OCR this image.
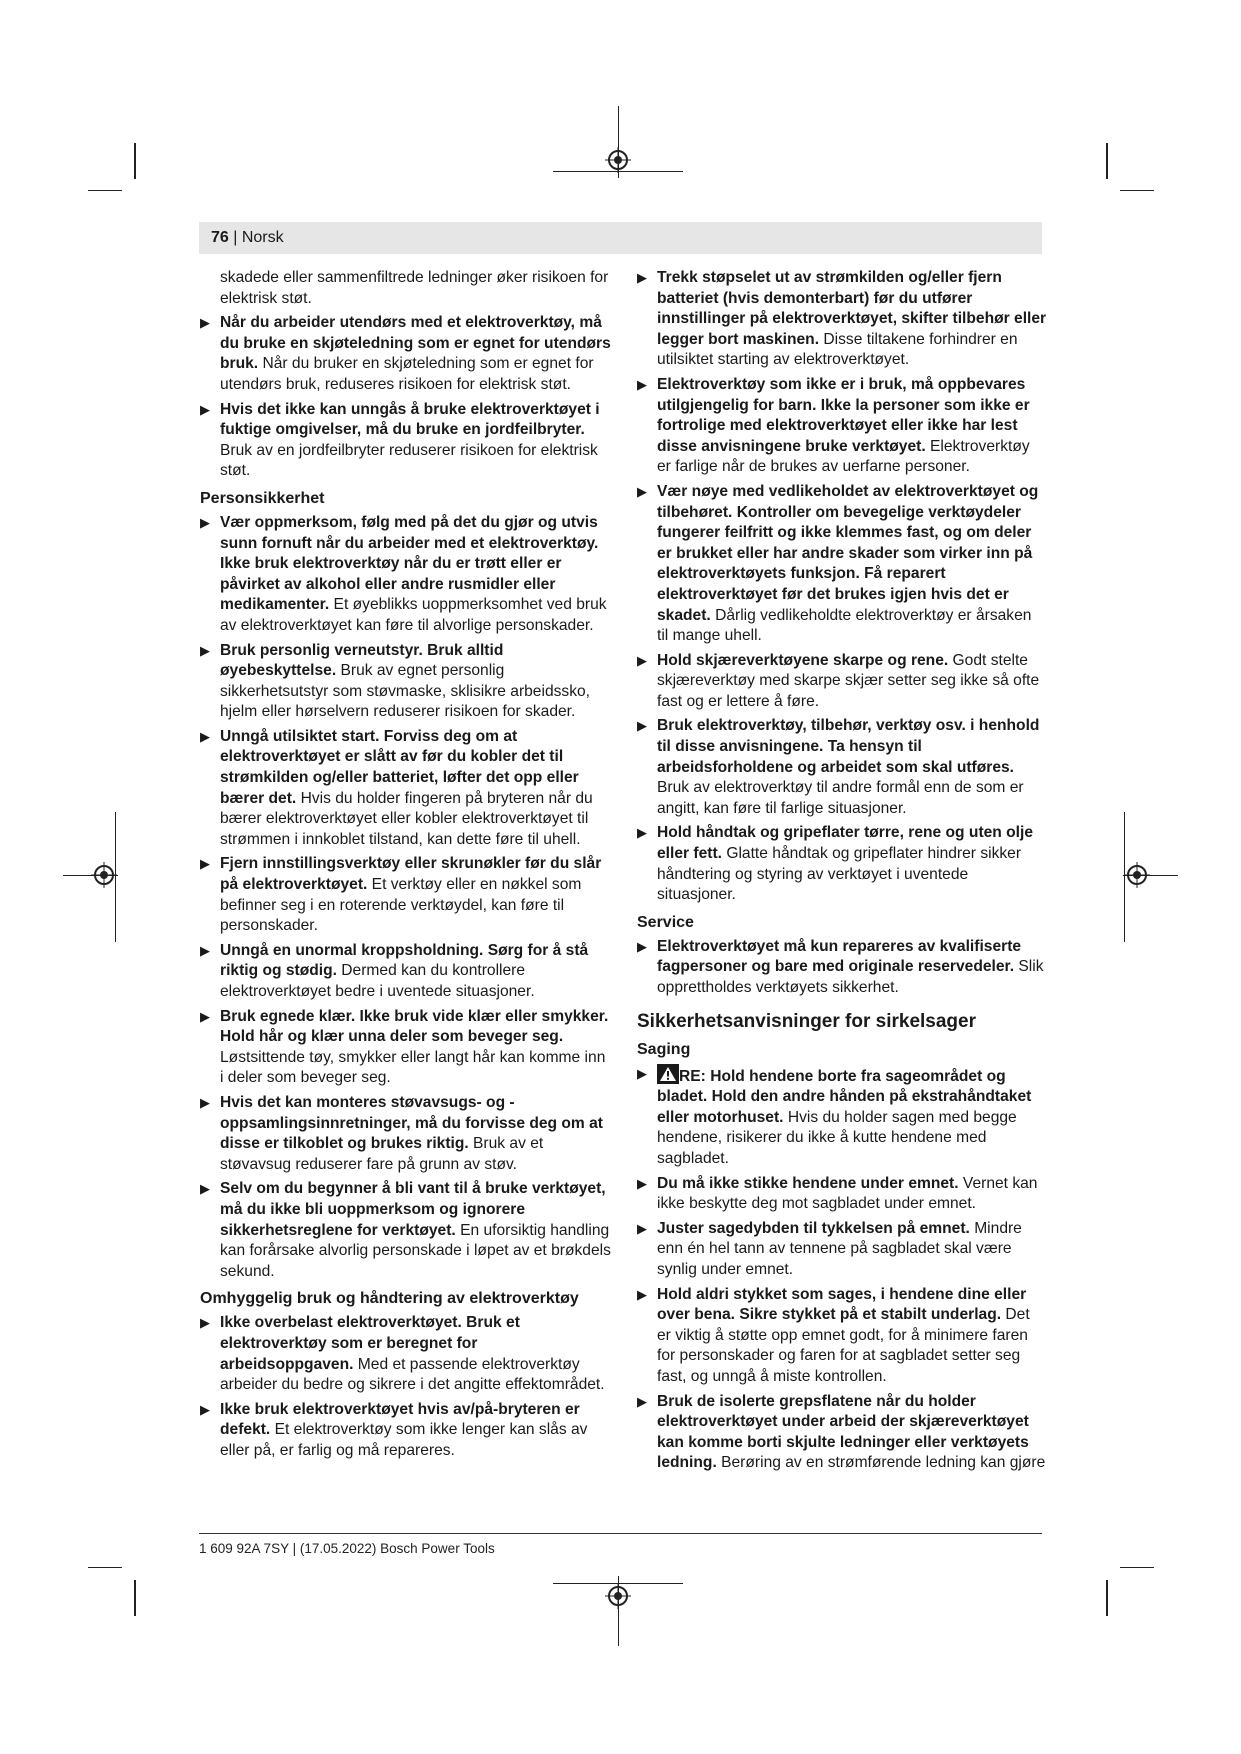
76 | Norsk
skadede eller sammenfiltrede ledninger øker risikoen for elektrisk støt.
▶ Når du arbeider utendørs med et elektroverktøy, må du bruke en skjøteledning som er egnet for utendørs bruk. Når du bruker en skjøteledning som er egnet for utendørs bruk, reduseres risikoen for elektrisk støt.
▶ Hvis det ikke kan unngås å bruke elektroverktøyet i fuktige omgivelser, må du bruke en jordfeilbryter. Bruk av en jordfeilbryter reduserer risikoen for elektrisk støt.
Personsikkerhet
▶ Vær oppmerksom, følg med på det du gjør og utvis sunn fornuft når du arbeider med et elektroverktøy. Ikke bruk elektroverktøy når du er trøtt eller er påvirket av alkohol eller andre rusmidler eller medikamenter. Et øyeblikks uoppmerksomhet ved bruk av elektroverktøyet kan føre til alvorlige personskader.
▶ Bruk personlig verneutstyr. Bruk alltid øyebeskyttelse. Bruk av egnet personlig sikkerhetsutstyr som støvmaske, sklisikre arbeidssko, hjelm eller hørselvern reduserer risikoen for skader.
▶ Unngå utilsiktet start. Forviss deg om at elektroverktøyet er slått av før du kobler det til strømkilden og/eller batteriet, løfter det opp eller bærer det. Hvis du holder fingeren på bryteren når du bærer elektroverktøyet eller kobler elektroverktøyet til strømmen i innkoblet tilstand, kan dette føre til uhell.
▶ Fjern innstillingsverktøy eller skrunøkler før du slår på elektroverktøyet. Et verktøy eller en nøkkel som befinner seg i en roterende verktøydel, kan føre til personskader.
▶ Unngå en unormal kroppsholdning. Sørg for å stå riktig og stødig. Dermed kan du kontrollere elektroverktøyet bedre i uventede situasjoner.
▶ Bruk egnede klær. Ikke bruk vide klær eller smykker. Hold hår og klær unna deler som beveger seg. Løstsittende tøy, smykker eller langt hår kan komme inn i deler som beveger seg.
▶ Hvis det kan monteres støvavsugs- og -oppsamlingsinnretninger, må du forvisse deg om at disse er tilkoblet og brukes riktig. Bruk av et støvavsug reduserer fare på grunn av støv.
▶ Selv om du begynner å bli vant til å bruke verktøyet, må du ikke bli uoppmerksom og ignorere sikkerhetsreglene for verktøyet. En uforsiktig handling kan forårsake alvorlig personskade i løpet av et brøkdels sekund.
Omhyggelig bruk og håndtering av elektroverktøy
▶ Ikke overbelast elektroverktøyet. Bruk et elektroverktøy som er beregnet for arbeidsoppgaven. Med et passende elektroverktøy arbeider du bedre og sikrere i det angitte effektområdet.
▶ Ikke bruk elektroverktøyet hvis av/på-bryteren er defekt. Et elektroverktøy som ikke lenger kan slås av eller på, er farlig og må repareres.
▶ Trekk støpselet ut av strømkilden og/eller fjern batteriet (hvis demonterbart) før du utfører innstillinger på elektroverktøyet, skifter tilbehør eller legger bort maskinen. Disse tiltakene forhindrer en utilsiktet starting av elektroverktøyet.
▶ Elektroverktøy som ikke er i bruk, må oppbevares utilgjengelig for barn. Ikke la personer som ikke er fortrolige med elektroverktøyet eller ikke har lest disse anvisningene bruke verktøyet. Elektroverktøy er farlige når de brukes av uerfarne personer.
▶ Vær nøye med vedlikeholdet av elektroverktøyet og tilbehøret. Kontroller om bevegelige verktøydeler fungerer feilfritt og ikke klemmes fast, og om deler er brukket eller har andre skader som virker inn på elektroverktøyets funksjon. Få reparert elektroverktøyet før det brukes igjen hvis det er skadet. Dårlig vedlikeholdte elektroverktøy er årsaken til mange uhell.
▶ Hold skjæreverktøyene skarpe og rene. Godt stelte skjæreverktøy med skarpe skjær setter seg ikke så ofte fast og er lettere å føre.
▶ Bruk elektroverktøy, tilbehør, verktøy osv. i henhold til disse anvisningene. Ta hensyn til arbeidsforholdene og arbeidet som skal utføres. Bruk av elektroverktøy til andre formål enn de som er angitt, kan føre til farlige situasjoner.
▶ Hold håndtak og gripeflater tørre, rene og uten olje eller fett. Glatte håndtak og gripeflater hindrer sikker håndtering og styring av verktøyet i uventede situasjoner.
Service
▶ Elektroverktøyet må kun repareres av kvalifiserte fagpersoner og bare med originale reservedeler. Slik opprettholdes verktøyets sikkerhet.
Sikkerhetsanvisninger for sirkelsager
Saging
▶ RE: Hold hendene borte fra sageområdet og bladet. Hold den andre hånden på ekstrahåndtaket eller motorhuset. Hvis du holder sagen med begge hendene, risikerer du ikke å kutte hendene med sagbladet.
▶ Du må ikke stikke hendene under emnet. Vernet kan ikke beskytte deg mot sagbladet under emnet.
▶ Juster sagedybden til tykkelsen på emnet. Mindre enn én hel tann av tennene på sagbladet skal være synlig under emnet.
▶ Hold aldri stykket som sages, i hendene dine eller over bena. Sikre stykket på et stabilt underlag. Det er viktig å støtte opp emnet godt, for å minimere faren for personskader og faren for at sagbladet setter seg fast, og unngå å miste kontrollen.
▶ Bruk de isolerte grepsflatene når du holder elektroverktøyet under arbeid der skjæreverktøyet kan komme borti skjulte ledninger eller verktøyets ledning. Berøring av en strømførende ledning kan gjøre
1 609 92A 7SY | (17.05.2022) Bosch Power Tools
